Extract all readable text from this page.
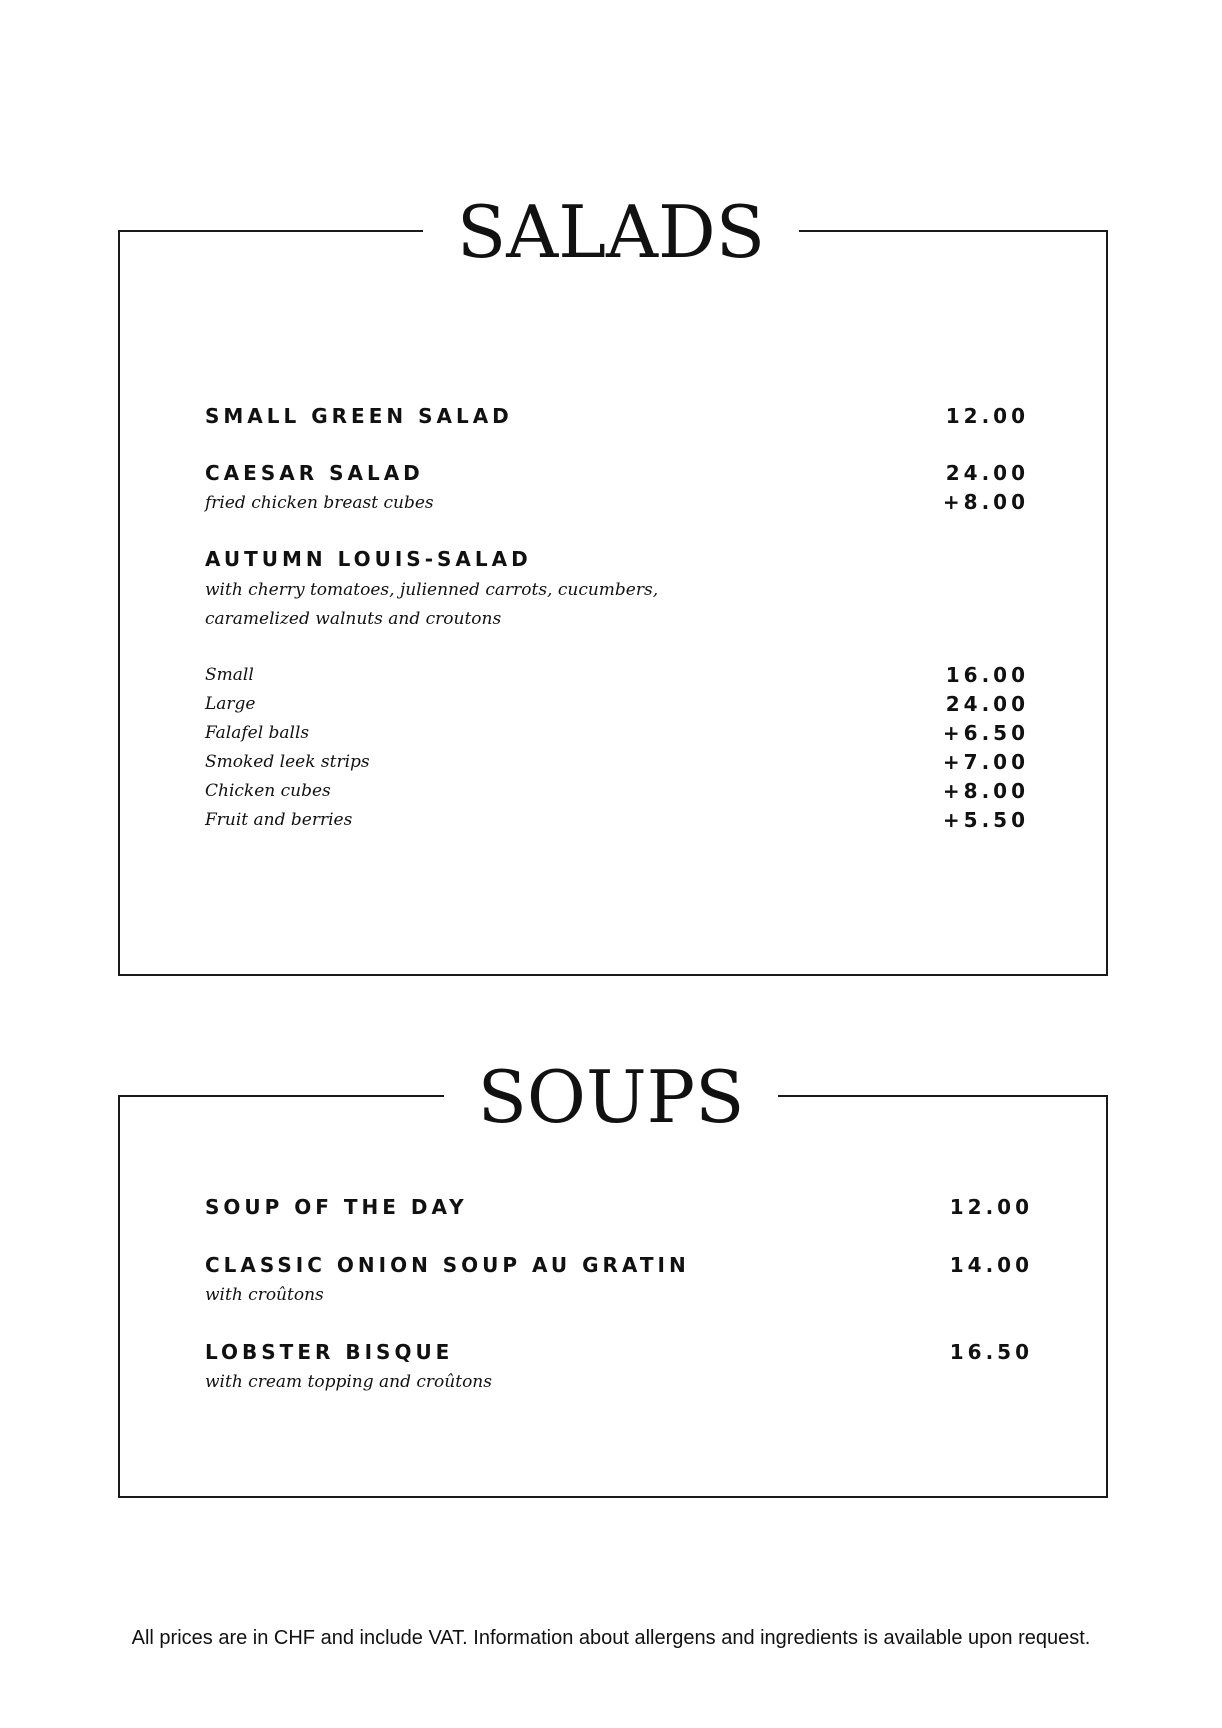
SALADS
SMALL GREEN SALAD	12.00
CAESAR SALAD	24.00
fried chicken breast cubes	+8.00
AUTUMN LOUIS-SALAD
with cherry tomatoes, julienned carrots, cucumbers,
caramelized walnuts and croutons
Small	16.00
Large	24.00
Falafel balls	+6.50
Smoked leek strips	+7.00
Chicken cubes	+8.00
Fruit and berries	+5.50
SOUPS
SOUP OF THE DAY	12.00
CLASSIC ONION SOUP AU GRATIN	14.00
with croûtons
LOBSTER BISQUE	16.50
with cream topping and croûtons
All prices are in CHF and include VAT. Information about allergens and ingredients is available upon request.
